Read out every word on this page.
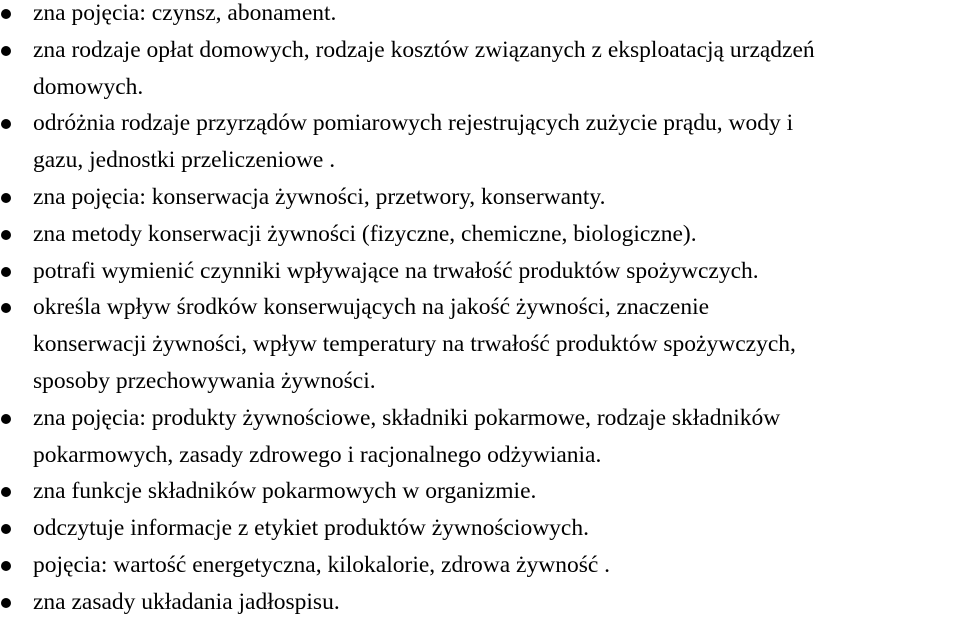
zna pojęcia: czynsz, abonament.
zna rodzaje opłat domowych, rodzaje kosztów związanych z eksploatacją urządzeń
domowych.
odróżnia rodzaje przyrządów pomiarowych rejestrujących zużycie prądu, wody i
gazu, jednostki przeliczeniowe .
zna pojęcia: konserwacja żywności, przetwory, konserwanty.
zna metody konserwacji żywności (fizyczne, chemiczne, biologiczne).
potrafi wymienić czynniki wpływające na trwałość produktów spożywczych.
określa wpływ środków konserwujących na jakość żywności, znaczenie
konserwacji żywności, wpływ temperatury na trwałość produktów spożywczych,
sposoby przechowywania żywności.
zna pojęcia: produkty żywnościowe, składniki pokarmowe, rodzaje składników
pokarmowych, zasady zdrowego i racjonalnego odżywiania.
zna funkcje składników pokarmowych w organizmie.
odczytuje informacje z etykiet produktów żywnościowych.
pojęcia: wartość energetyczna, kilokalorie, zdrowa żywność .
zna zasady układania jadłospisu.
